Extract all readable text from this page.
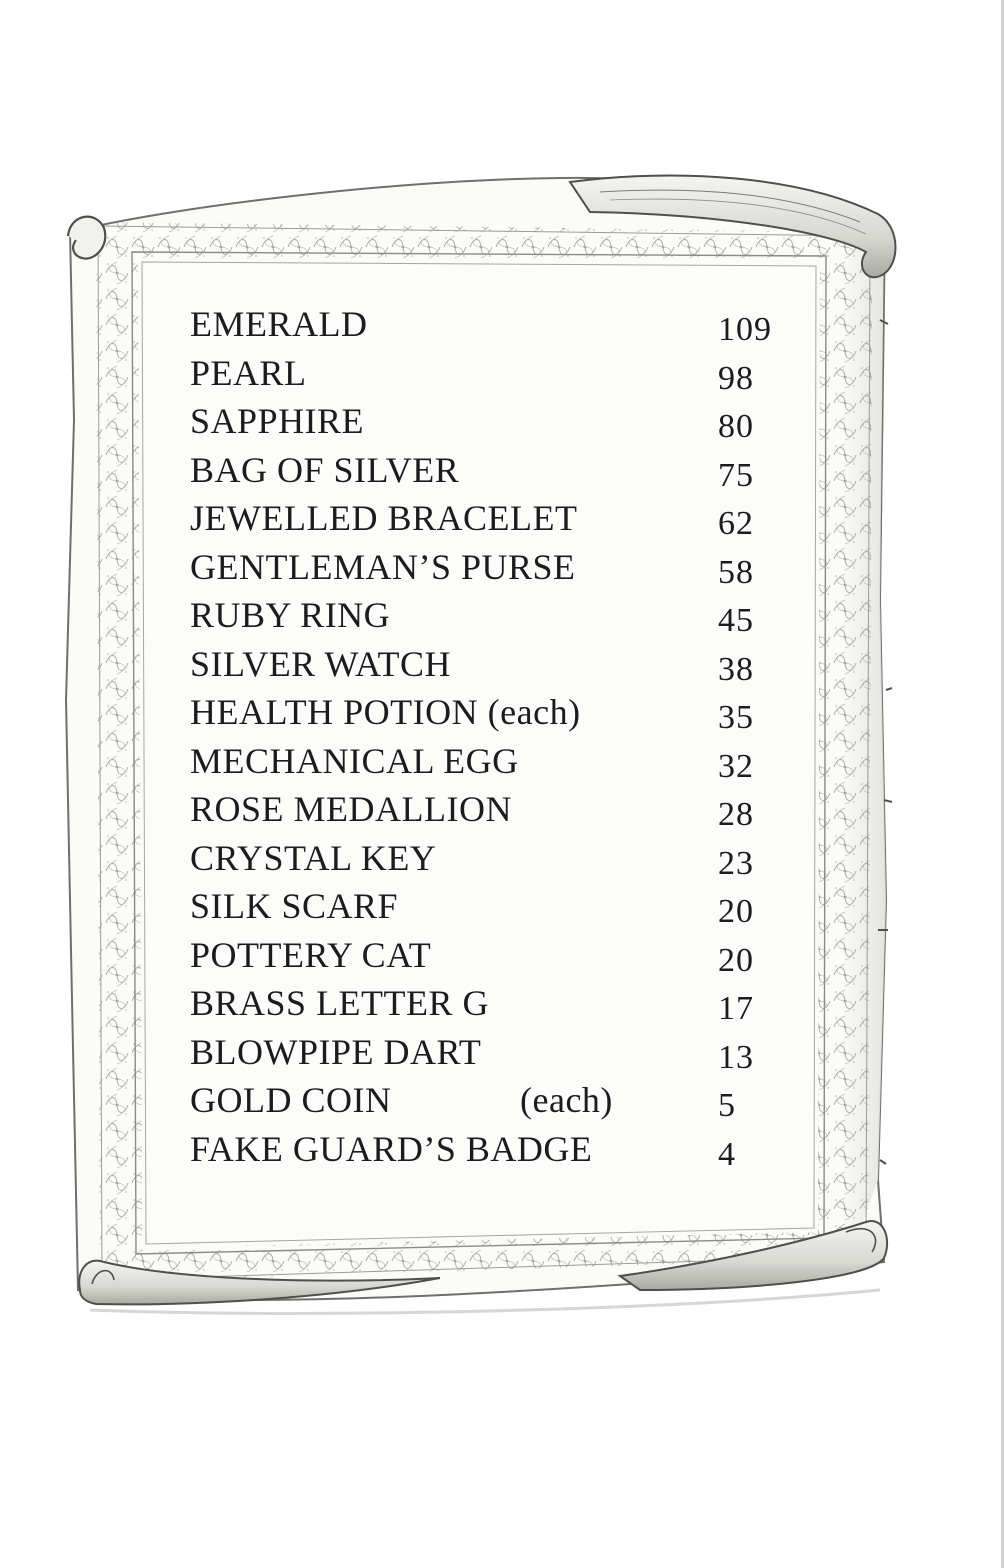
EMERALD	109
PEARL	98
SAPPHIRE	80
BAG OF SILVER	75
JEWELLED BRACELET	62
GENTLEMAN’S PURSE	58
RUBY RING	45
SILVER WATCH	38
HEALTH POTION (each)	35
MECHANICAL EGG	32
ROSE MEDALLION	28
CRYSTAL KEY	23
SILK SCARF	20
POTTERY CAT	20
BRASS LETTER G	17
BLOWPIPE DART	13
GOLD COIN	(each)	5
FAKE GUARD’S BADGE	4
